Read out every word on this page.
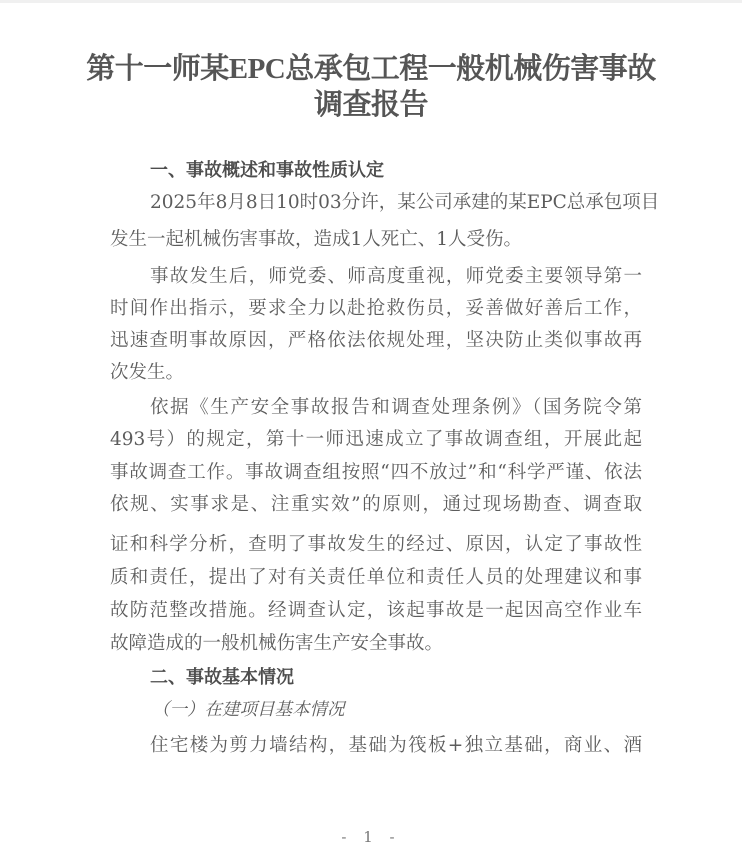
第十一师某EPC总承包工程一般机械伤害事故
调查报告
一、事故概述和事故性质认定
2025年8月8日10时03分许，某公司承建的某EPC总承包项目
发生一起机械伤害事故，造成1人死亡、1人受伤。
事故发生后，师党委、师高度重视，师党委主要领导第一
时间作出指示，要求全力以赴抢救伤员，妥善做好善后工作，
迅速查明事故原因，严格依法依规处理，坚决防止类似事故再
次发生。
依据《生产安全事故报告和调查处理条例》（国务院令第
493号）的规定，第十一师迅速成立了事故调查组，开展此起
事故调查工作。事故调查组按照“四不放过”和“科学严谨、依法
依规、实事求是、注重实效”的原则，通过现场勘查、调查取
证和科学分析，查明了事故发生的经过、原因，认定了事故性
质和责任，提出了对有关责任单位和责任人员的处理建议和事
故防范整改措施。经调查认定，该起事故是一起因高空作业车
故障造成的一般机械伤害生产安全事故。
二、事故基本情况
（一）在建项目基本情况
住宅楼为剪力墙结构，基础为筏板+独立基础，商业、酒
- 1 -
